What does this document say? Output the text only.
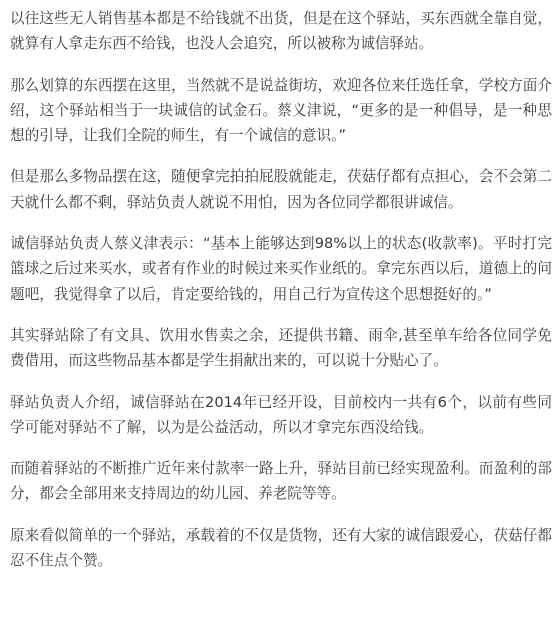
以往这些无人销售基本都是不给钱就不出货，但是在这个驿站，买东西就全靠自觉，就算有人拿走东西不给钱，也没人会追究，所以被称为诚信驿站。

那么划算的东西摆在这里，当然就不是说益街坊，欢迎各位来任选任拿，学校方面介绍，这个驿站相当于一块诚信的试金石。蔡义津说，“更多的是一种倡导，是一种思想的引导，让我们全院的师生，有一个诚信的意识。”

但是那么多物品摆在这，随便拿完拍拍屁股就能走，茯菇仔都有点担心，会不会第二天就什么都不剩，驿站负责人就说不用怕，因为各位同学都很讲诚信。

诚信驿站负责人蔡义津表示：“基本上能够达到98%以上的状态(收款率)。平时打完篮球之后过来买水，或者有作业的时候过来买作业纸的。拿完东西以后，道德上的问题吧，我觉得拿了以后，肯定要给钱的，用自己行为宣传这个思想挺好的。”

其实驿站除了有文具、饮用水售卖之余，还提供书籍、雨伞,甚至单车给各位同学免费借用，而这些物品基本都是学生捐献出来的，可以说十分贴心了。

驿站负责人介绍，诚信驿站在2014年已经开设，目前校内一共有6个，以前有些同学可能对驿站不了解，以为是公益活动，所以才拿完东西没给钱。

而随着驿站的不断推广近年来付款率一路上升，驿站目前已经实现盈利。而盈利的部分，都会全部用来支持周边的幼儿园、养老院等等。

原来看似简单的一个驿站，承载着的不仅是货物，还有大家的诚信跟爱心，茯菇仔都忍不住点个赞。
